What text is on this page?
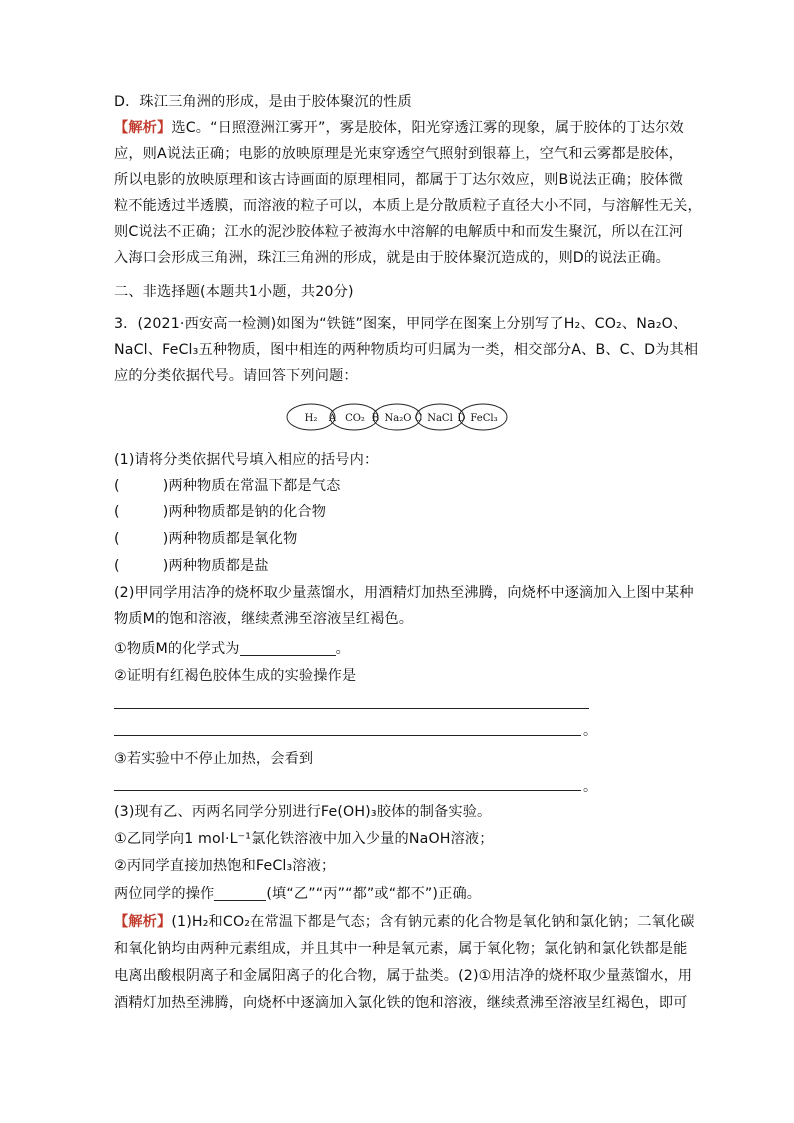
D．珠江三角洲的形成，是由于胶体聚沉的性质
【解析】选C。“日照澄洲江雾开”，雾是胶体，阳光穿透江雾的现象，属于胶体的丁达尔效
应，则A说法正确；电影的放映原理是光束穿透空气照射到银幕上，空气和云雾都是胶体，
所以电影的放映原理和该古诗画面的原理相同，都属于丁达尔效应，则B说法正确；胶体微
粒不能透过半透膜，而溶液的粒子可以，本质上是分散质粒子直径大小不同，与溶解性无关，
则C说法不正确；江水的泥沙胶体粒子被海水中溶解的电解质中和而发生聚沉，所以在江河
入海口会形成三角洲，珠江三角洲的形成，就是由于胶体聚沉造成的，则D的说法正确。
二、非选择题(本题共1小题，共20分)
3．(2021·西安高一检测)如图为“铁链”图案，甲同学在图案上分别写了H₂、CO₂、Na₂O、
NaCl、FeCl₃五种物质，图中相连的两种物质均可归属为一类，相交部分A、B、C、D为其相
应的分类依据代号。请回答下列问题：
H₂	CO₂ Na₂O NaCl FeCl₃
A	B	C	D
(1)请将分类依据代号填入相应的括号内：
(　　　)两种物质在常温下都是气态
(　　　)两种物质都是钠的化合物
(　　　)两种物质都是氧化物
(　　　)两种物质都是盐
(2)甲同学用洁净的烧杯取少量蒸馏水，用酒精灯加热至沸腾，向烧杯中逐滴加入上图中某种
物质M的饱和溶液，继续煮沸至溶液呈红褐色。
①物质M的化学式为	。
②证明有红褐色胶体生成的实验操作是
。
③若实验中不停止加热，会看到
。
(3)现有乙、丙两名同学分别进行Fe(OH)₃胶体的制备实验。
①乙同学向1 mol·L⁻¹氯化铁溶液中加入少量的NaOH溶液；
②丙同学直接加热饱和FeCl₃溶液；
两位同学的操作	(填“乙”“丙”“都”或“都不”)正确。
【解析】(1)H₂和CO₂在常温下都是气态；含有钠元素的化合物是氧化钠和氯化钠；二氧化碳
和氧化钠均由两种元素组成，并且其中一种是氧元素，属于氧化物；氯化钠和氯化铁都是能
电离出酸根阴离子和金属阳离子的化合物，属于盐类。(2)①用洁净的烧杯取少量蒸馏水，用
酒精灯加热至沸腾，向烧杯中逐滴加入氯化铁的饱和溶液，继续煮沸至溶液呈红褐色，即可
